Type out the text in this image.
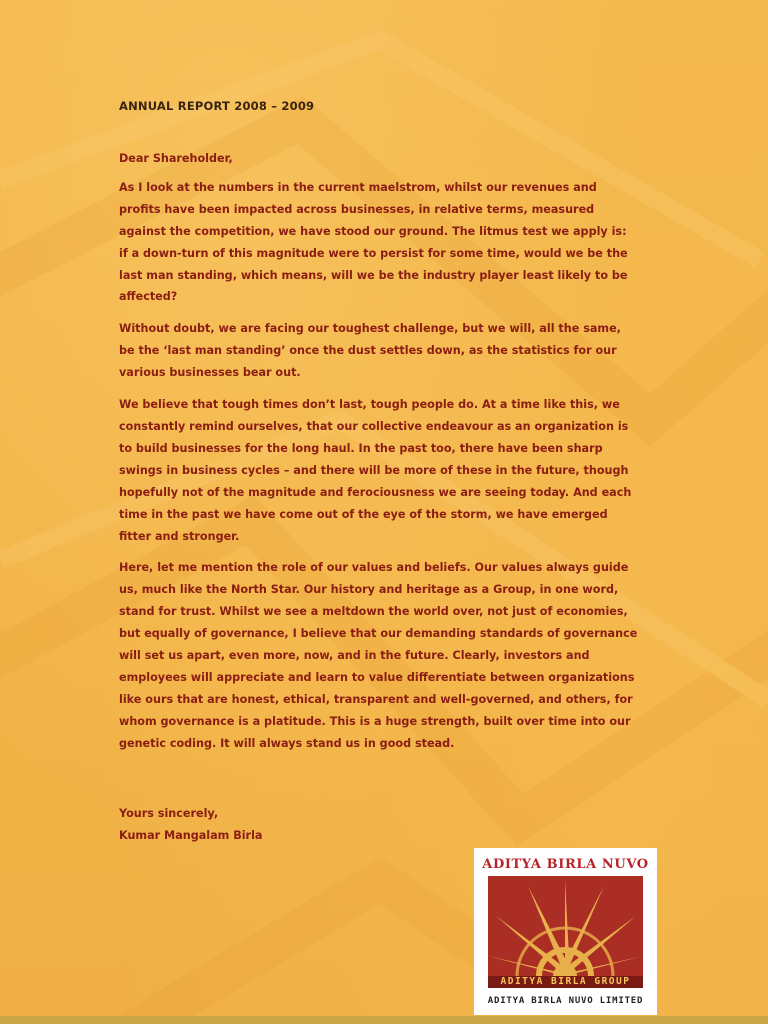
ANNUAL REPORT 2008 – 2009

Dear Shareholder,

As I look at the numbers in the current maelstrom, whilst our revenues and profits have been impacted across businesses, in relative terms, measured against the competition, we have stood our ground. The litmus test we apply is: if a down-turn of this magnitude were to persist for some time, would we be the last man standing, which means, will we be the industry player least likely to be affected?

Without doubt, we are facing our toughest challenge, but we will, all the same, be the ‘last man standing’ once the dust settles down, as the statistics for our various businesses bear out.

We believe that tough times don’t last, tough people do. At a time like this, we constantly remind ourselves, that our collective endeavour as an organization is to build businesses for the long haul. In the past too, there have been sharp swings in business cycles – and there will be more of these in the future, though hopefully not of the magnitude and ferociousness we are seeing today. And each time in the past we have come out of the eye of the storm, we have emerged fitter and stronger.

Here, let me mention the role of our values and beliefs. Our values always guide us, much like the North Star. Our history and heritage as a Group, in one word, stand for trust. Whilst we see a meltdown the world over, not just of economies, but equally of governance, I believe that our demanding standards of governance will set us apart, even more, now, and in the future. Clearly, investors and employees will appreciate and learn to value differentiate between organizations like ours that are honest, ethical, transparent and well-governed, and others, for whom governance is a platitude. This is a huge strength, built over time into our genetic coding. It will always stand us in good stead.

Yours sincerely,
Kumar Mangalam Birla
ADITYA BIRLA NUVO
ADITYA BIRLA GROUP
ADITYA BIRLA NUVO LIMITED
